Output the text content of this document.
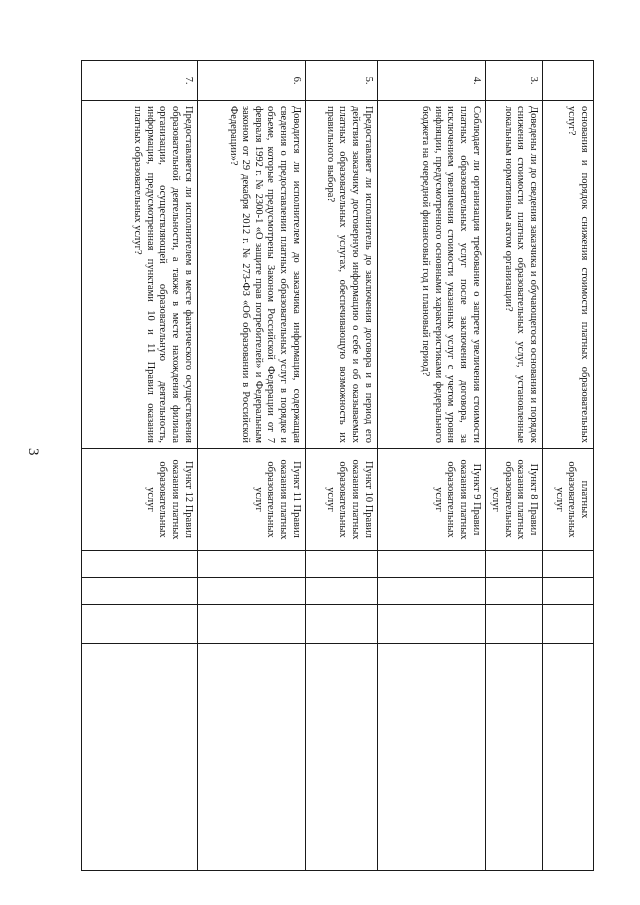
3
	основания и порядок снижения стоимости платных образовательных услуг?	платных образовательных услуг				
3.	Доведены ли до сведения заказчика и обучающегося основания и порядок снижения стоимости платных образовательных услуг, установленные локальным нормативным актом организации?	Пункт 8 Правил оказания платных образовательных услуг				
4.	Соблюдает ли организация требование о запрете увеличения стоимости платных образовательных услуг после заключения договора, за исключением увеличения стоимости указанных услуг с учетом уровня инфляции, предусмотренного основными характеристиками федерального бюджета на очередной финансовый год и плановый период?	Пункт 9 Правил оказания платных образовательных услуг				
5.	Предоставляет ли исполнитель до заключения договора и в период его действия заказчику достоверную информацию о себе и об оказываемых платных образовательных услугах, обеспечивающую возможность их правильного выбора?	Пункт 10 Правил оказания платных образовательных услуг				
6.	Доводится ли исполнителем до заказчика информация, содержащая сведения о предоставлении платных образовательных услуг в порядке и объеме, которые предусмотрены Законом Российской Федерации от 7 февраля 1992 г. № 2300-1 «О защите прав потребителей» и Федеральным законом от 29 декабря 2012 г. № 273-ФЗ «Об образовании в Российской Федерации»?	Пункт 11 Правил оказания платных образовательных услуг				
7.	Предоставляется ли исполнителем в месте фактического осуществления образовательной деятельности, а также в месте нахождения филиала организации, осуществляющей образовательную деятельность, информация, предусмотренная пунктами 10 и 11 Правил оказания платных образовательных услуг?	Пункт 12 Правил оказания платных образовательных услуг				
